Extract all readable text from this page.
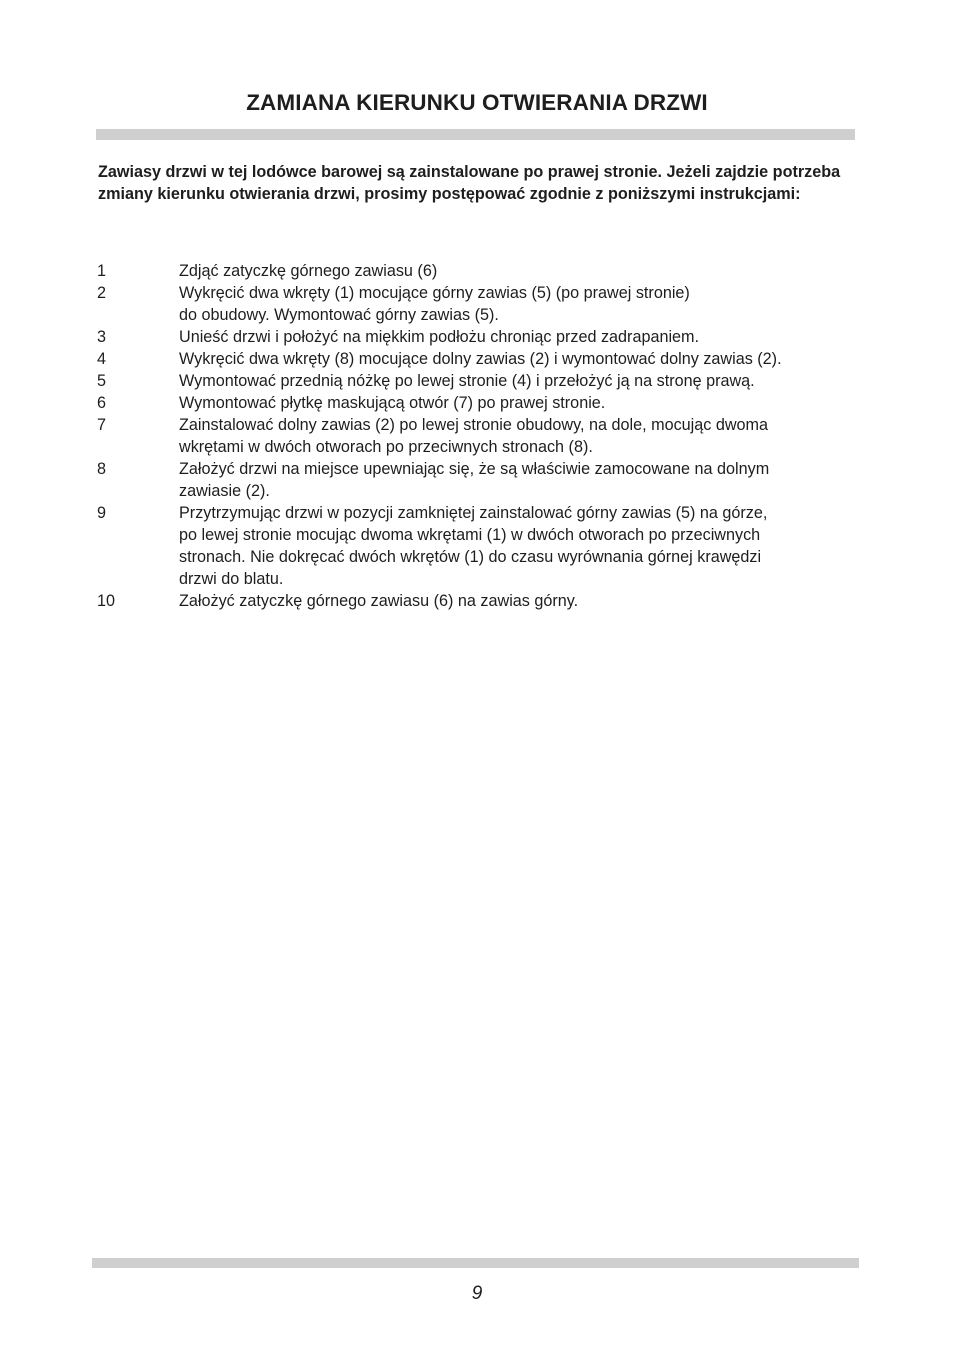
ZAMIANA KIERUNKU OTWIERANIA DRZWI
Zawiasy drzwi w tej lodówce barowej są zainstalowane po prawej stronie. Jeżeli zajdzie potrzeba zmiany kierunku otwierania drzwi, prosimy postępować zgodnie z poniższymi instrukcjami:
1	Zdjąć zatyczkę górnego zawiasu (6)
2	Wykręcić dwa wkręty (1) mocujące górny zawias (5) (po prawej stronie)
do obudowy. Wymontować górny zawias (5).
3	Unieść drzwi i położyć na miękkim podłożu chroniąc przed zadrapaniem.
4	Wykręcić dwa wkręty (8) mocujące dolny zawias (2) i wymontować dolny zawias (2).
5	Wymontować przednią nóżkę po lewej stronie (4) i przełożyć ją na stronę prawą.
6	Wymontować płytkę maskującą otwór (7) po prawej stronie.
7	Zainstalować dolny zawias (2) po lewej stronie obudowy, na dole, mocując dwoma
wkrętami w dwóch otworach po przeciwnych stronach (8).
8	Założyć drzwi na miejsce upewniając się, że są właściwie zamocowane na dolnym
zawiasie (2).
9	Przytrzymując drzwi w pozycji zamkniętej zainstalować górny zawias (5) na górze,
po lewej stronie mocując dwoma wkrętami (1) w dwóch otworach po przeciwnych
stronach. Nie dokręcać dwóch wkrętów (1) do czasu wyrównania górnej krawędzi
drzwi do blatu.
10	Założyć zatyczkę górnego zawiasu (6) na zawias górny.
9
